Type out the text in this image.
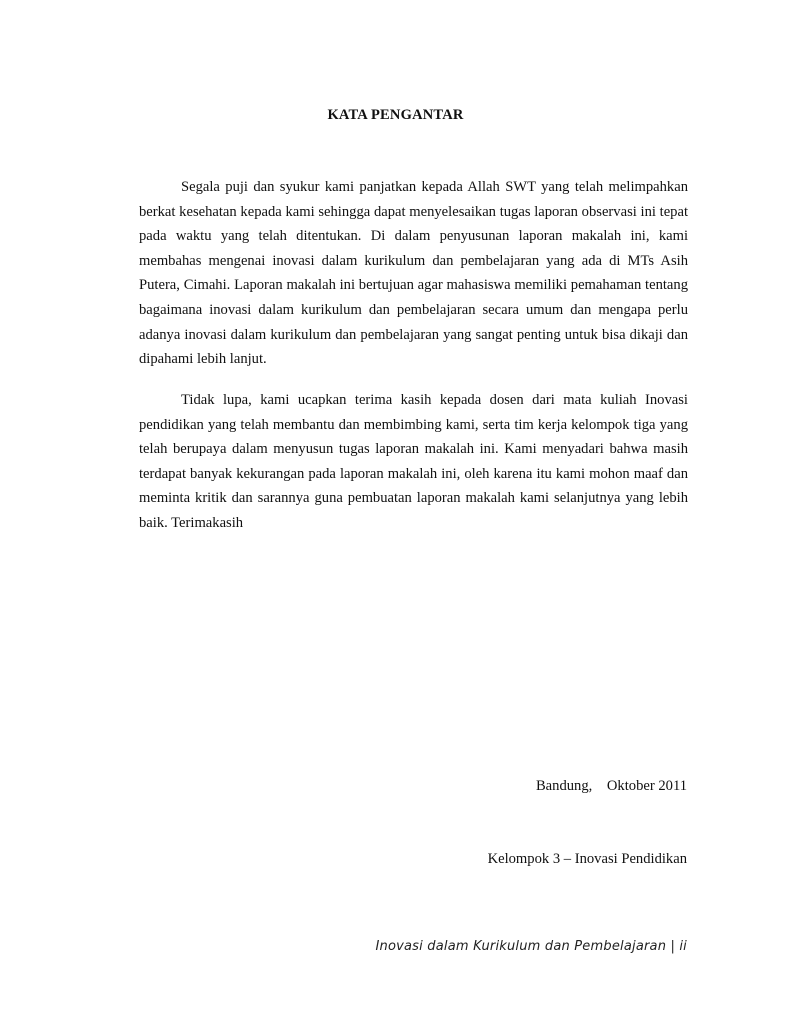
KATA PENGANTAR

Segala puji dan syukur kami panjatkan kepada Allah SWT yang telah melimpahkan berkat kesehatan kepada kami sehingga dapat menyelesaikan tugas laporan observasi ini tepat pada waktu yang telah ditentukan. Di dalam penyusunan laporan makalah ini, kami membahas mengenai inovasi dalam kurikulum dan pembelajaran yang ada di MTs Asih Putera, Cimahi. Laporan makalah ini bertujuan agar mahasiswa memiliki pemahaman tentang bagaimana inovasi dalam kurikulum dan pembelajaran secara umum dan mengapa perlu adanya inovasi dalam kurikulum dan pembelajaran yang sangat penting untuk bisa dikaji dan dipahami lebih lanjut.

Tidak lupa, kami ucapkan terima kasih kepada dosen dari mata kuliah Inovasi pendidikan yang telah membantu dan membimbing kami, serta tim kerja kelompok tiga yang telah berupaya dalam menyusun tugas laporan makalah ini. Kami menyadari bahwa masih terdapat banyak kekurangan pada laporan makalah ini, oleh karena itu kami mohon maaf dan meminta kritik dan sarannya guna pembuatan laporan makalah kami selanjutnya yang lebih baik. Terimakasih

Bandung,    Oktober 2011
Kelompok 3 – Inovasi Pendidikan
Inovasi dalam Kurikulum dan Pembelajaran | ii
